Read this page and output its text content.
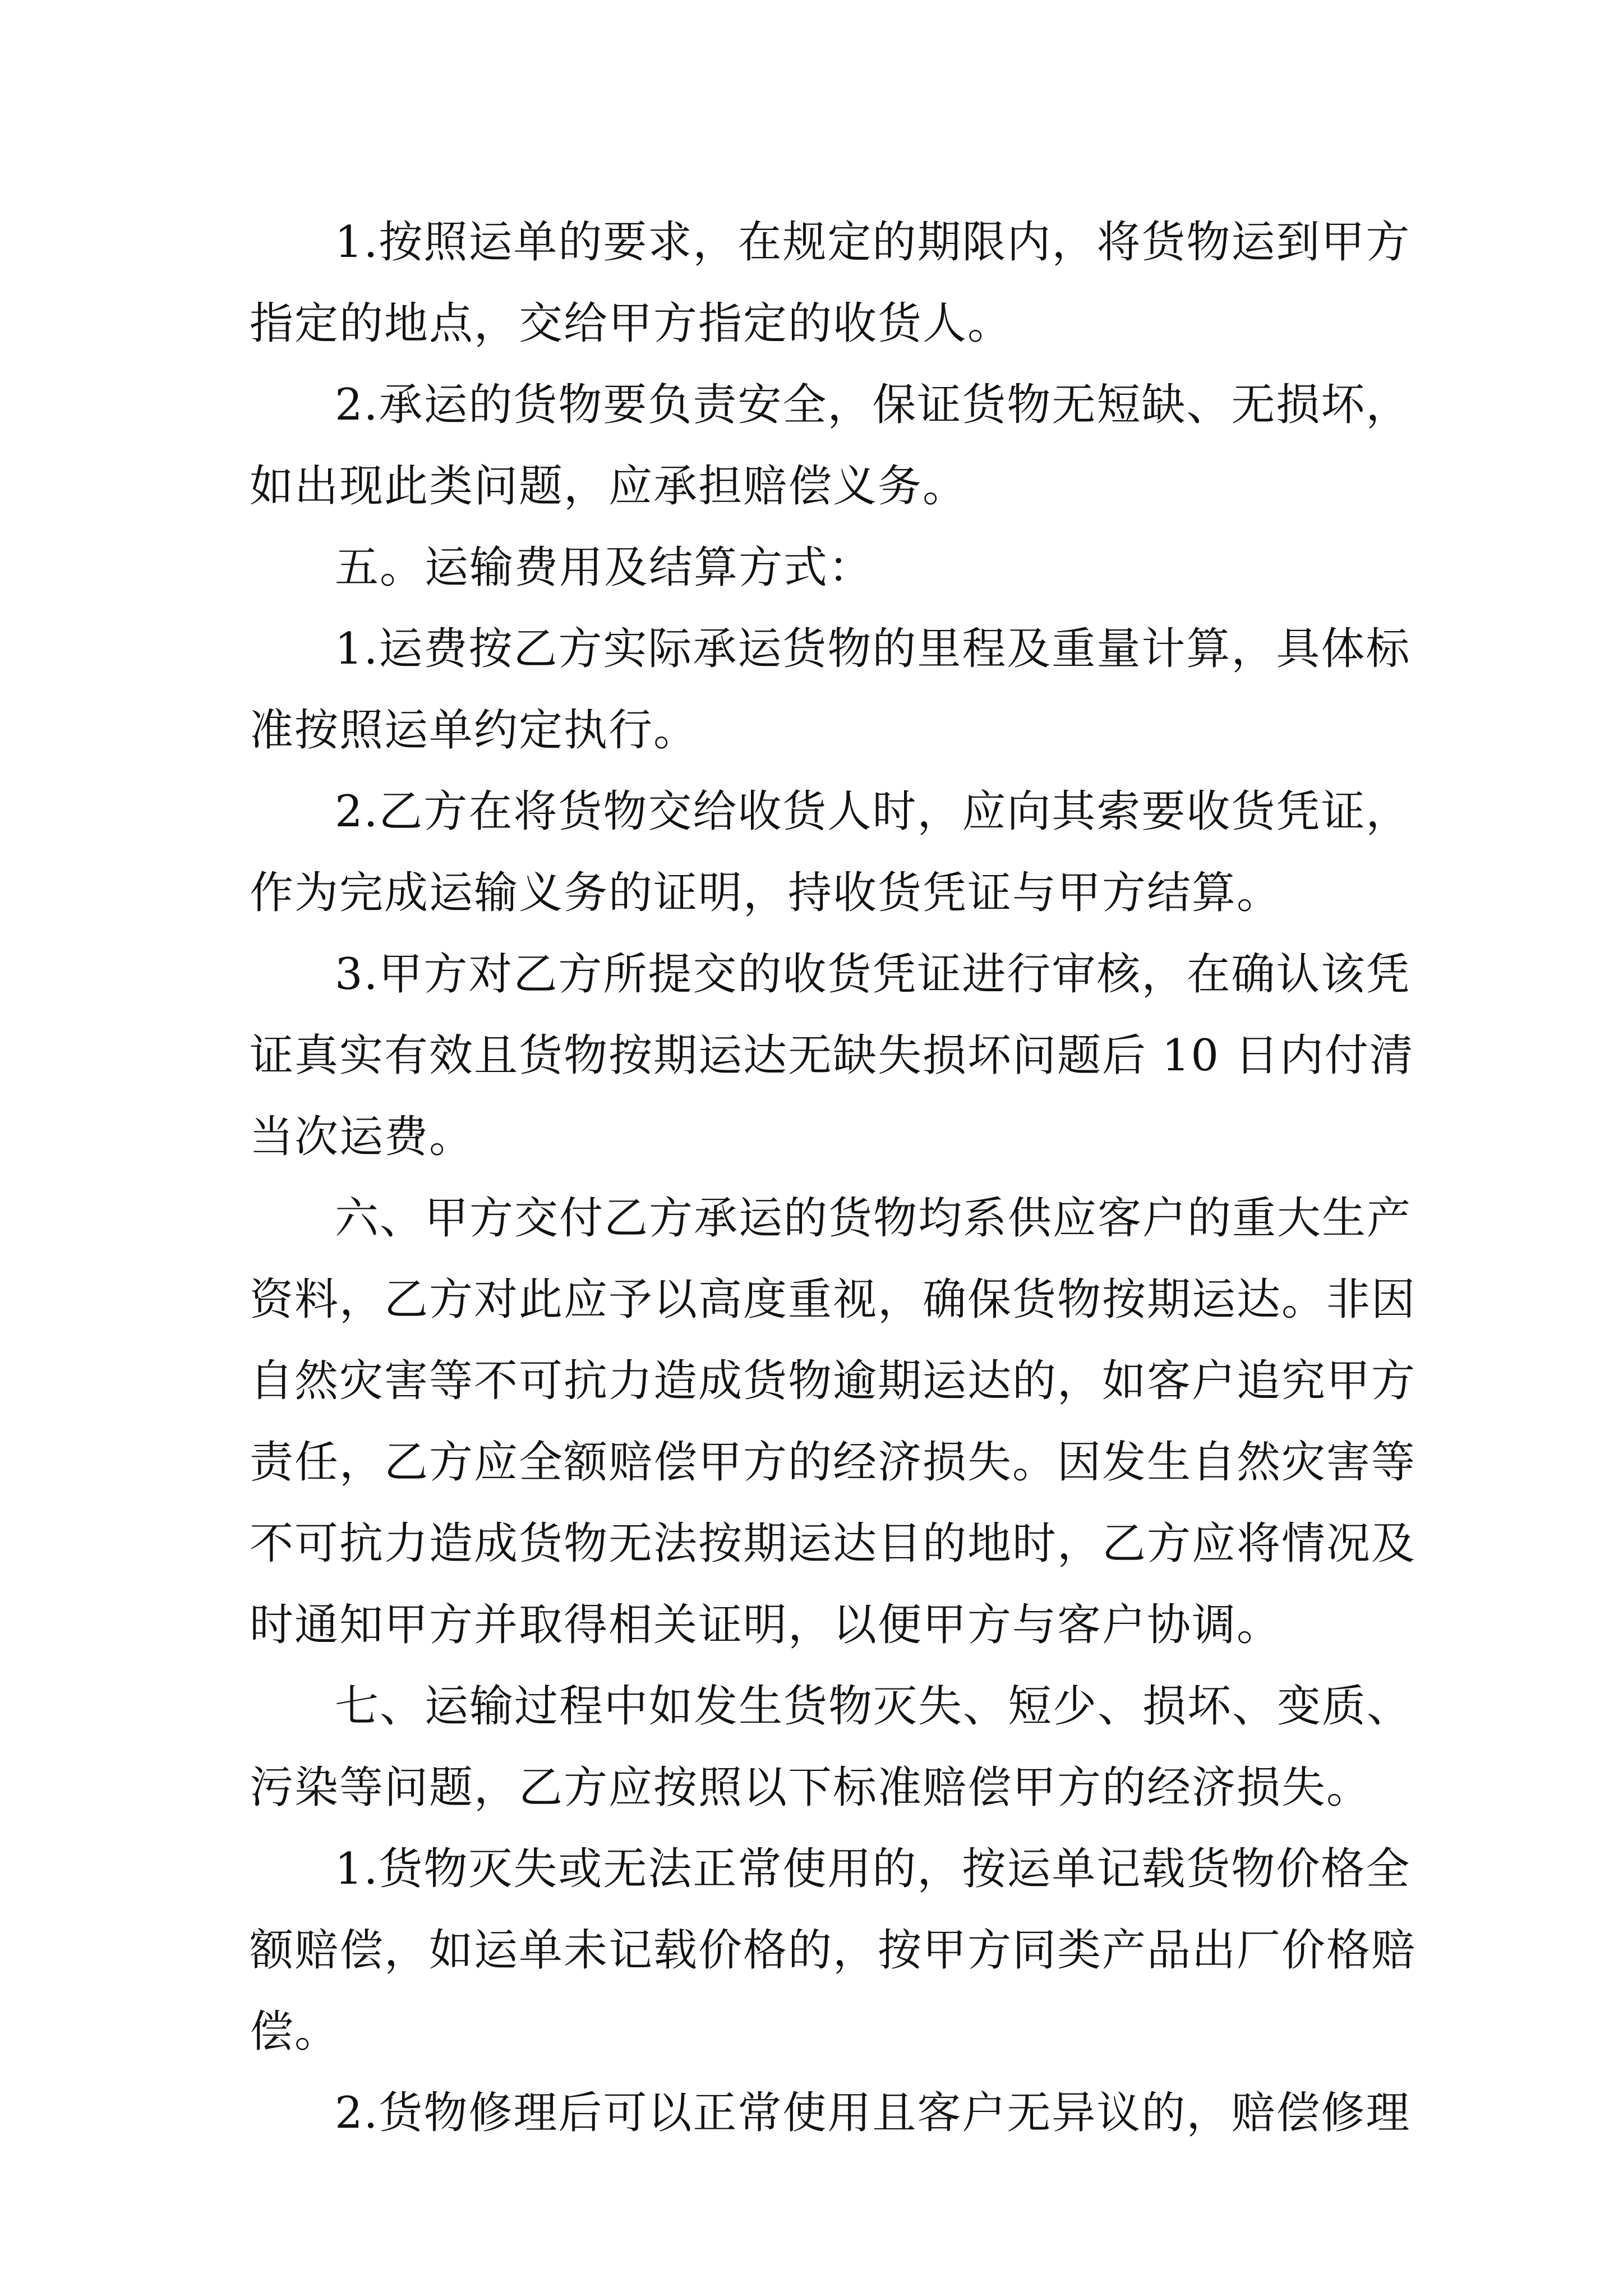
1.按照运单的要求，在规定的期限内，将货物运到甲方

指定的地点，交给甲方指定的收货人。

2.承运的货物要负责安全，保证货物无短缺、无损坏，

如出现此类问题，应承担赔偿义务。

五。运输费用及结算方式：

1.运费按乙方实际承运货物的里程及重量计算，具体标

准按照运单约定执行。

2.乙方在将货物交给收货人时，应向其索要收货凭证，

作为完成运输义务的证明，持收货凭证与甲方结算。

3.甲方对乙方所提交的收货凭证进行审核，在确认该凭

证真实有效且货物按期运达无缺失损坏问题后 10 日内付清

当次运费。

六、甲方交付乙方承运的货物均系供应客户的重大生产

资料，乙方对此应予以高度重视，确保货物按期运达。非因

自然灾害等不可抗力造成货物逾期运达的，如客户追究甲方

责任，乙方应全额赔偿甲方的经济损失。因发生自然灾害等

不可抗力造成货物无法按期运达目的地时，乙方应将情况及

时通知甲方并取得相关证明，以便甲方与客户协调。

七、运输过程中如发生货物灭失、短少、损坏、变质、

污染等问题，乙方应按照以下标准赔偿甲方的经济损失。

1.货物灭失或无法正常使用的，按运单记载货物价格全

额赔偿，如运单未记载价格的，按甲方同类产品出厂价格赔

偿。

2.货物修理后可以正常使用且客户无异议的，赔偿修理
